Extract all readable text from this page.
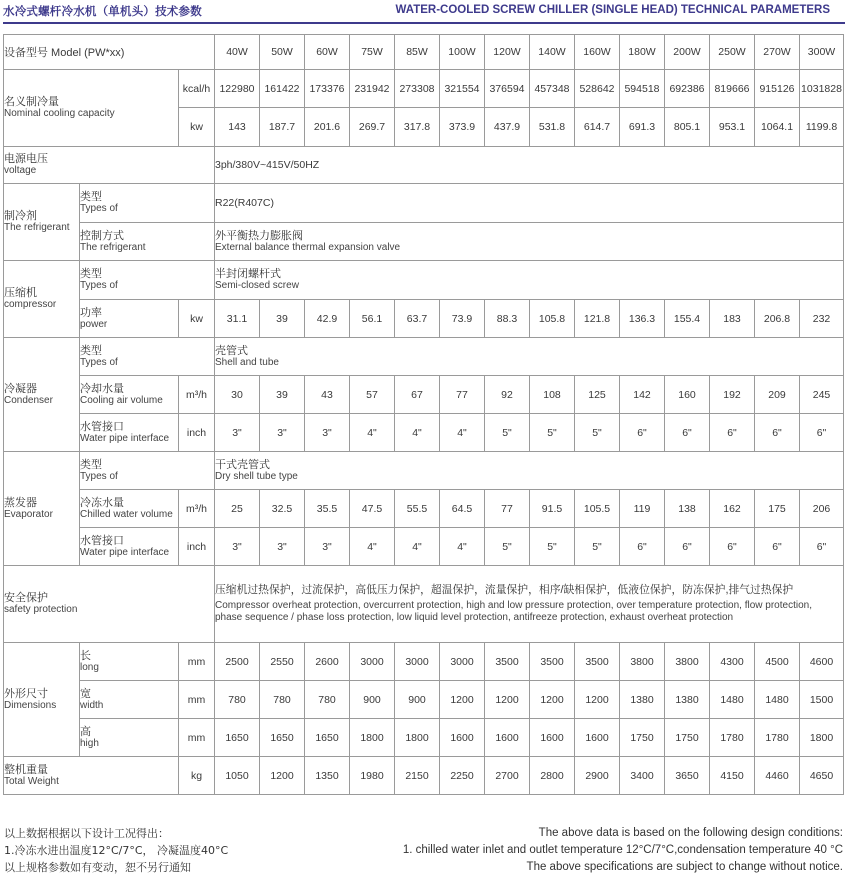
水冷式螺杆冷水机（单机头）技术参数	WATER-COOLED SCREW CHILLER (SINGLE HEAD) TECHNICAL PARAMETERS
设备型号 Model (PW*xx)			40W	50W	60W	75W	85W	100W	120W	140W	160W	180W	200W	250W	270W	300W

名义制冷量
Nominal cooling capacity		kcal/h	122980	161422	173376	231942	273308	321554	376594	457348	528642	594518	692386	819666	915126	1031828
		kw	143	187.7	201.6	269.7	317.8	373.9	437.9	531.8	614.7	691.3	805.1	953.1	1064.1	1199.8

电源电压
voltage			3ph/380V~415V/50HZ													

制冷剂
The refrigerant	类型
Types of		R22(R407C)													

	控制方式
The refrigerant		外平衡热力膨胀阀
External balance thermal expansion valve													

压缩机
compressor	类型
Types of		半封闭螺杆式
Semi-closed screw													

	功率
power	kw	31.1	39	42.9	56.1	63.7	73.9	88.3	105.8	121.8	136.3	155.4	183	206.8	232

冷凝器
Condenser	类型
Types of		壳管式
Shell and tube													

	冷却水量
Cooling air volume	m³/h	30	39	43	57	67	77	92	108	125	142	160	192	209	245

	水管接口
Water pipe interface	inch	3"	3"	3"	4"	4"	4"	5"	5"	5"	6"	6"	6"	6"	6"

蒸发器
Evaporator	类型
Types of		干式壳管式
Dry shell tube type													

	冷冻水量
Chilled water volume	m³/h	25	32.5	35.5	47.5	55.5	64.5	77	91.5	105.5	119	138	162	175	206

	水管接口
Water pipe interface	inch	3"	3"	3"	4"	4"	4"	5"	5"	5"	6"	6"	6"	6"	6"

安全保护
safety protection			压缩机过热保护，过流保护，高低压力保护，超温保护，流量保护，相序/缺相保护，低液位保护，防冻保护,排气过热保护
Compressor overheat protection, overcurrent protection, high and low pressure protection, over temperature protection, flow protection, phase sequence / phase loss protection, low liquid level protection, antifreeze protection, exhaust overheat protection													

外形尺寸
Dimensions	长
long	mm	2500	2550	2600	3000	3000	3000	3500	3500	3500	3800	3800	4300	4500	4600

	宽
width	mm	780	780	780	900	900	1200	1200	1200	1200	1380	1380	1480	1480	1500

	高
high	mm	1650	1650	1650	1800	1800	1600	1600	1600	1600	1750	1750	1780	1780	1800

整机重量
Total Weight		kg	1050	1200	1350	1980	2150	2250	2700	2800	2900	3400	3650	4150	4460	4650
以上数据根据以下设计工况得出：
1.冷冻水进出温度12°C/7°C， 冷凝温度40°C
以上规格参数如有变动，恕不另行通知
The above data is based on the following design conditions:
1. chilled water inlet and outlet temperature 12°C/7°C,condensation temperature 40 °C
The above specifications are subject to change without notice.
